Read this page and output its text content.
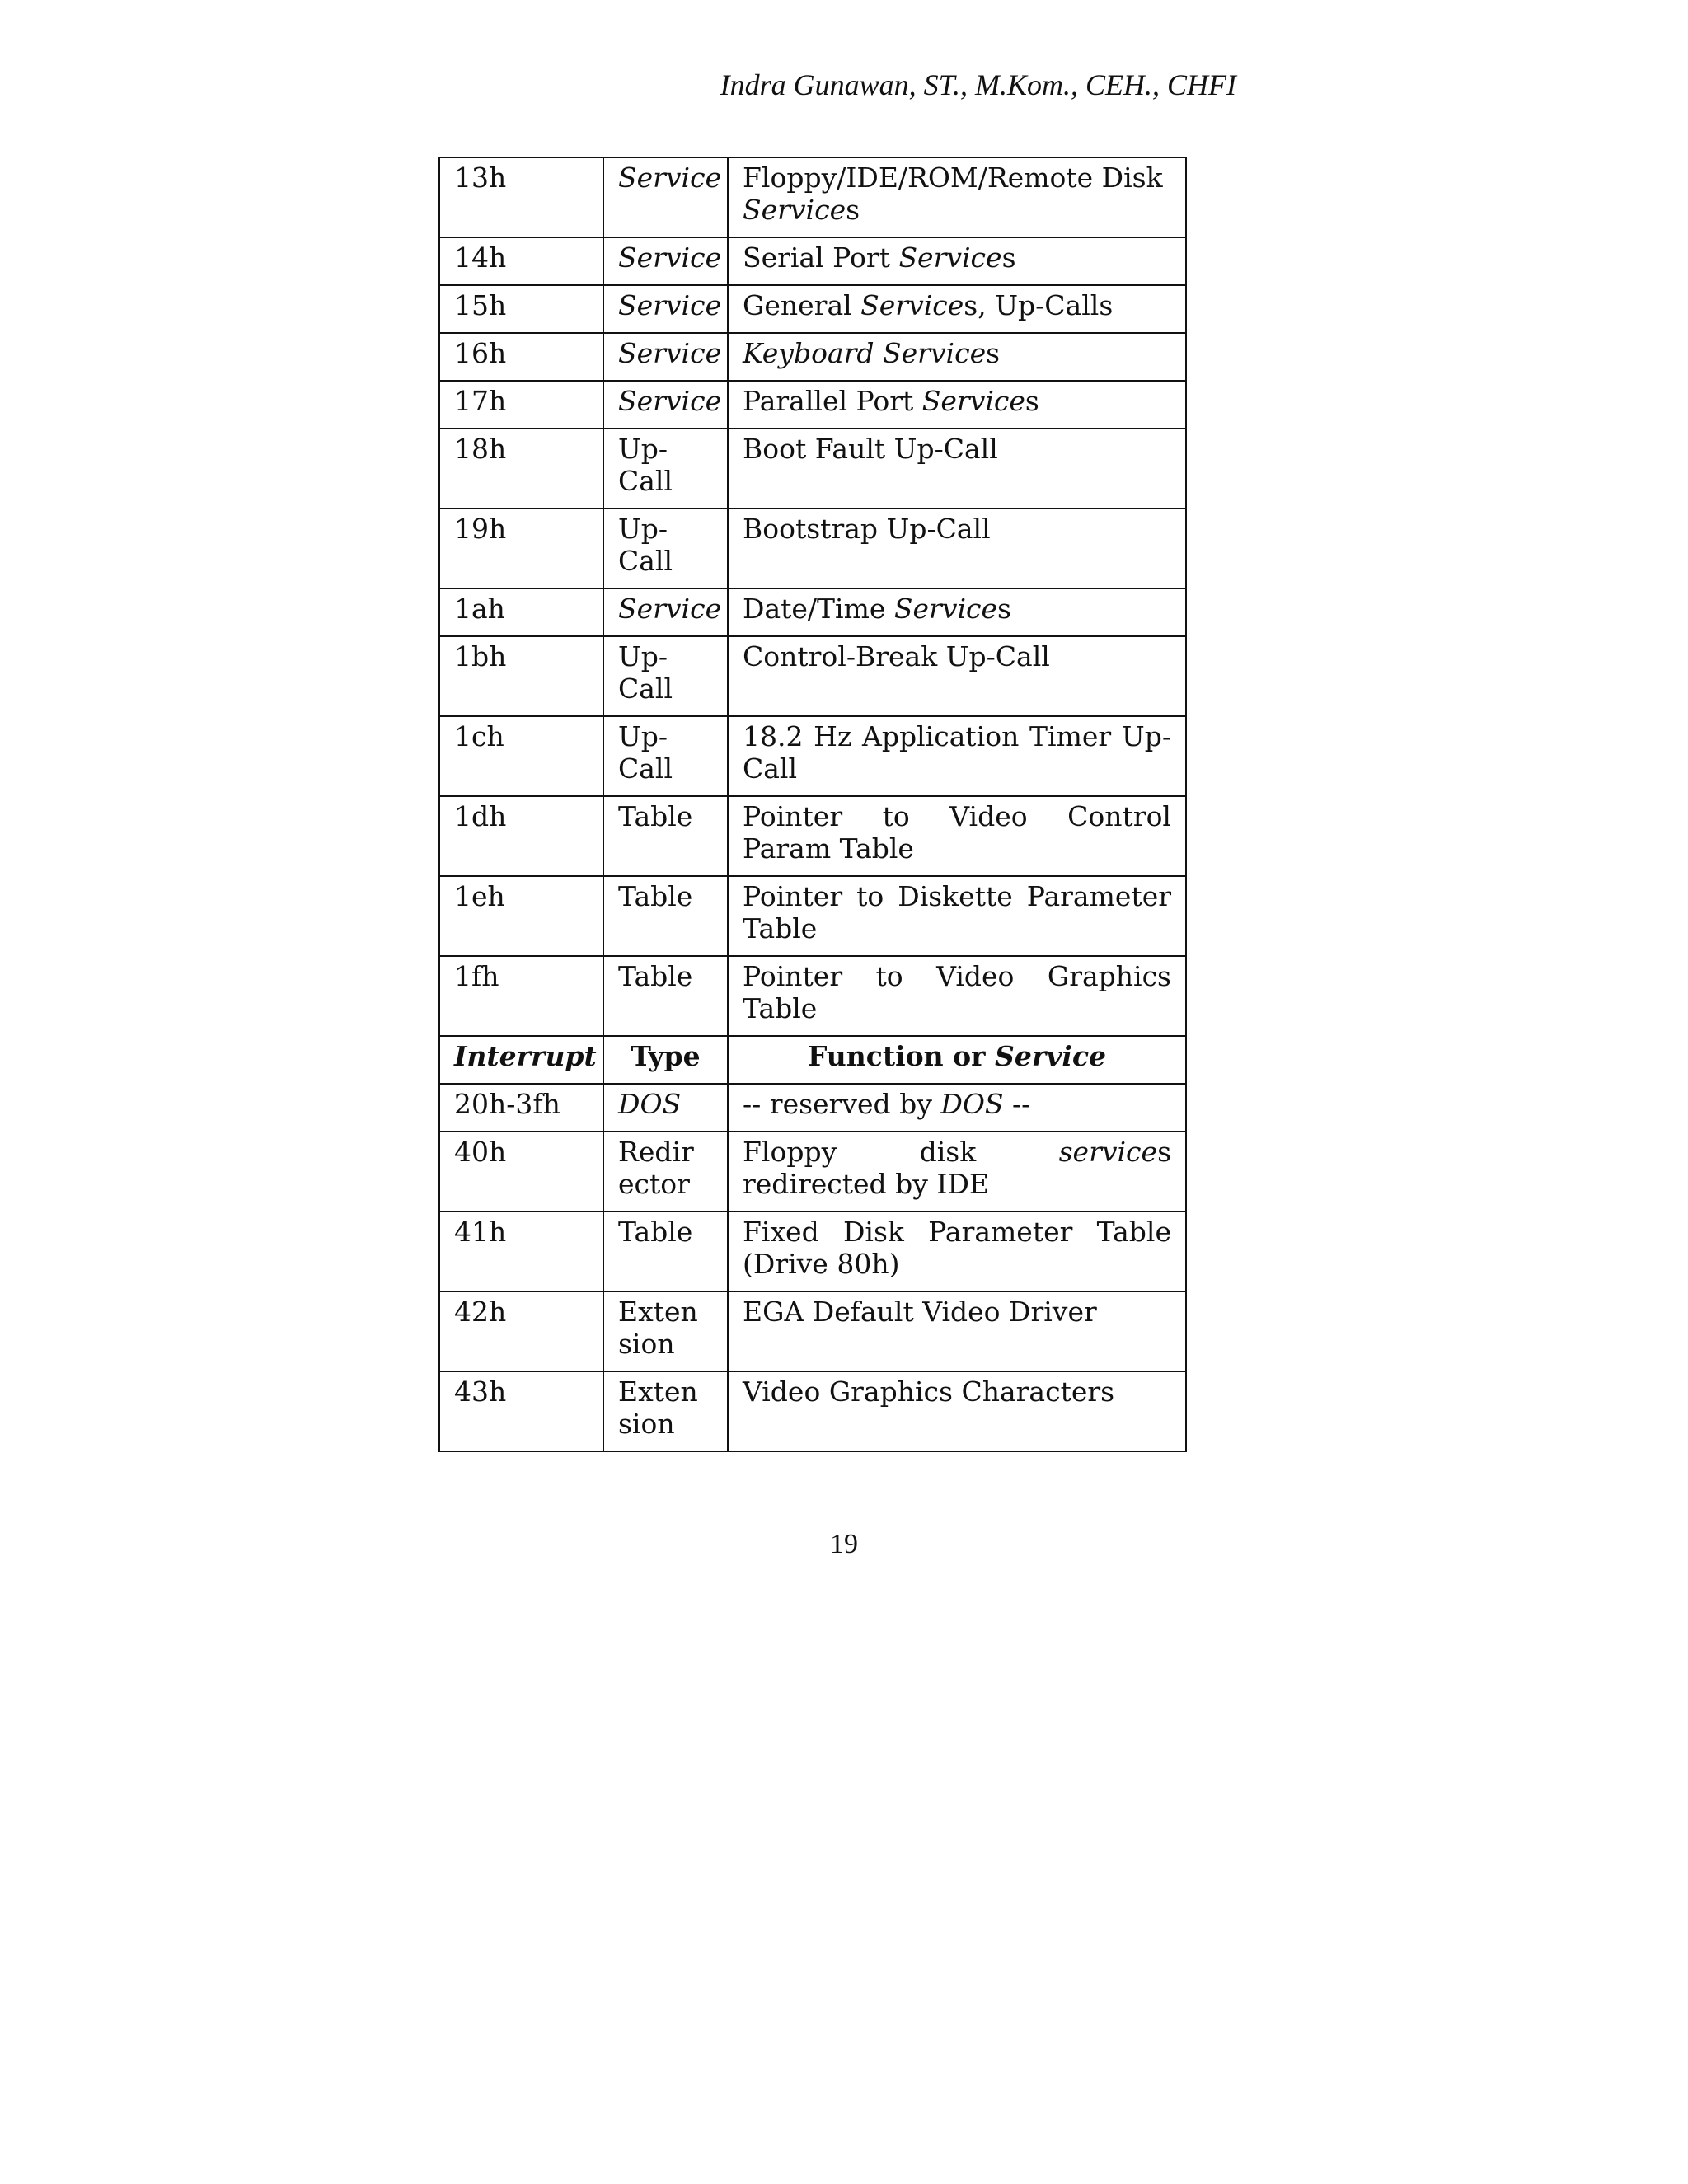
Indra Gunawan, ST., M.Kom., CEH., CHFI
13h	Service	Floppy/IDE/ROM/Remote Disk Services
14h	Service	Serial Port Services
15h	Service	General Services, Up-Calls
16h	Service	Keyboard Services
17h	Service	Parallel Port Services
18h	Up-Call	Boot Fault Up-Call
19h	Up-Call	Bootstrap Up-Call
1ah	Service	Date/Time Services
1bh	Up-Call	Control-Break Up-Call
1ch	Up-Call	18.2 Hz Application Timer Up-Call
1dh	Table	Pointer to Video Control Param Table
1eh	Table	Pointer to Diskette Parameter Table
1fh	Table	Pointer to Video Graphics Table
Interrupt	Type	Function or Service
20h-3fh	DOS	-- reserved by DOS --
40h	Redirector	Floppy disk services redirected by IDE
41h	Table	Fixed Disk Parameter Table (Drive 80h)
42h	Extension	EGA Default Video Driver
43h	Extension	Video Graphics Characters
19
